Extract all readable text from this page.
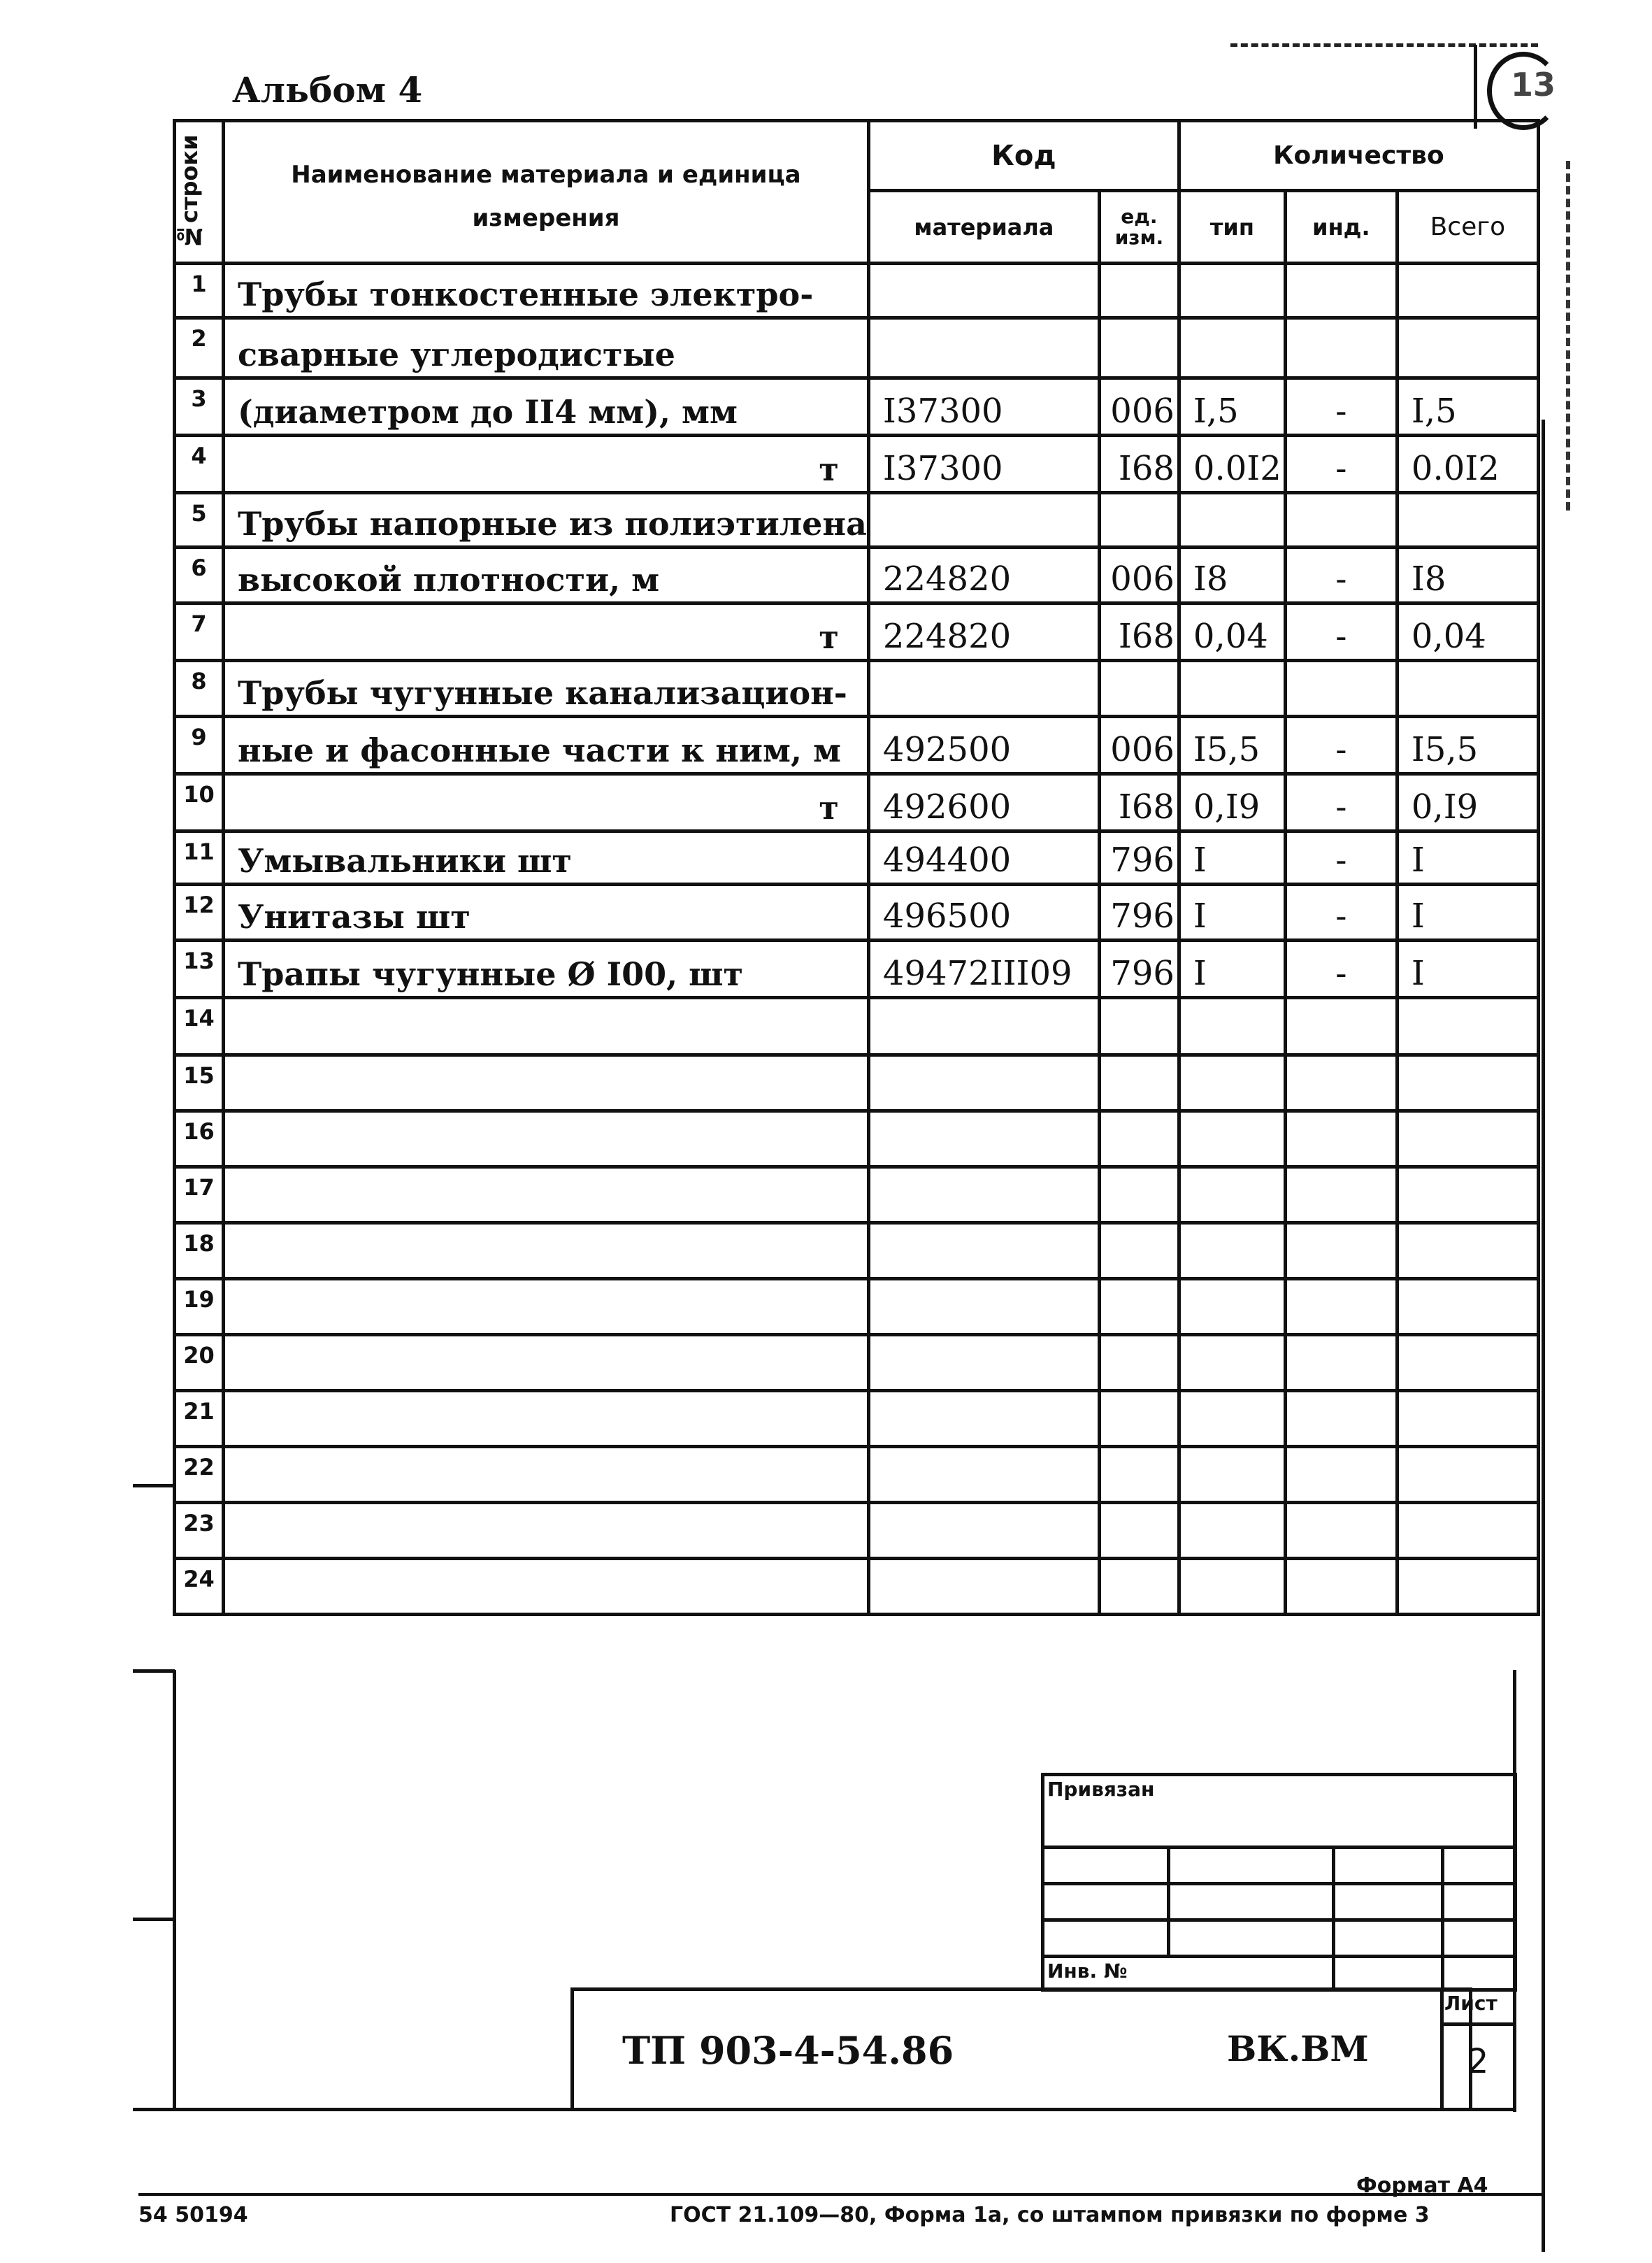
Альбом 4	13
№строки	Наименование материала и единица измерения	Код		Количество		
		материала	ед. изм.	тип	инд.	Всего
1	Трубы тонкостенные электро-					
2	сварные углеродистые					
3	(диаметром до II4 мм), мм	I37300	006	I,5	-	I,5
4	т	I37300	I68	0.0I2	-	0.0I2
5	Трубы напорные из полиэтилена					
6	высокой плотности, м	224820	006	I8	-	I8
7	т	224820	I68	0,04	-	0,04
8	Трубы чугунные канализацион-					
9	ные и фасонные части к ним, м	492500	006	I5,5	-	I5,5
10	т	492600	I68	0,I9	-	0,I9
11	Умывальники шт	494400	796	I	-	I
12	Унитазы шт	496500	796	I	-	I
13	Трапы чугунные Ø I00, шт	49472III09	796	I	-	I
14						
15						
16						
17						
18						
19						
20						
21						
22						
23						
24						
Привязан			

Инв. №			
ТП 903-4-54.86	ВК.ВМ
Лист
2
Формат А4
54 50194	ГОСТ 21.109—80, Форма 1а, со штампом привязки по форме 3
